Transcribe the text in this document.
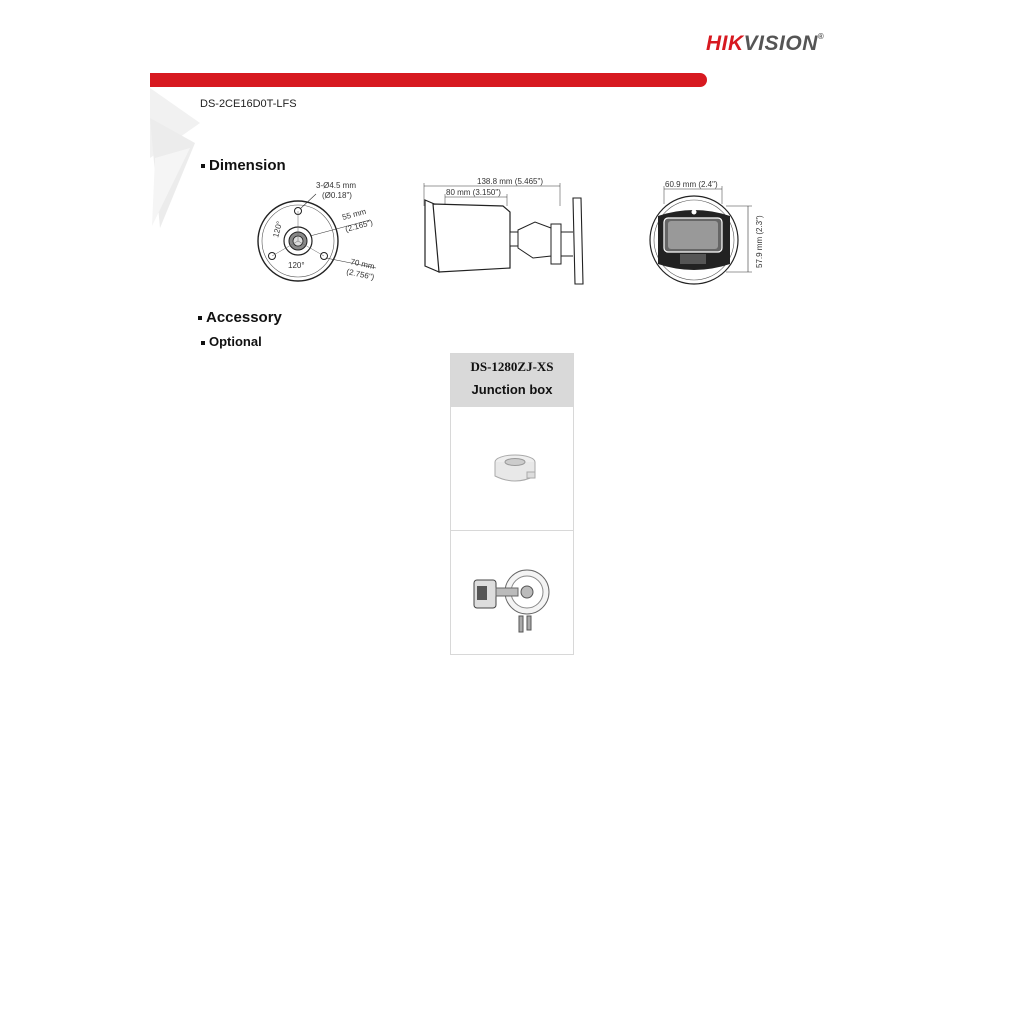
HIKVISION®
DS-2CE16D0T-LFS
Dimension
3-Ø4.5 mm
(Ø0.18")
55 mm
(2.165")
70 mm
(2.756")
120°
120°
138.8 mm (5.465")
80 mm (3.150")
60.9 mm (2.4")
57.9 mm (2.3")
Accessory
Optional
DS-1280ZJ-XS
Junction box
